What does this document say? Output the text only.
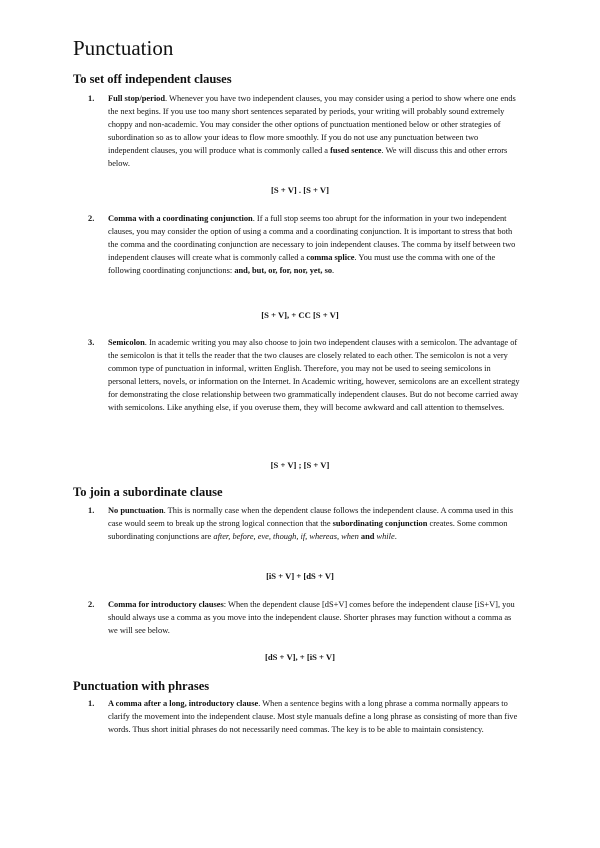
Punctuation
To set off independent clauses
1. Full stop/period. Whenever you have two independent clauses, you may consider using a period to show where one ends the next begins. If you use too many short sentences separated by periods, your writing will probably sound extremely choppy and non-academic. You may consider the other options of punctuation mentioned below or other strategies of subordination so as to allow your ideas to flow more smoothly. If you do not use any punctuation between two independent clauses, you will produce what is commonly called a fused sentence. We will discuss this and other errors below.
[S + V] . [S + V]
2. Comma with a coordinating conjunction. If a full stop seems too abrupt for the information in your two independent clauses, you may consider the option of using a comma and a coordinating conjunction. It is important to stress that both the comma and the coordinating conjunction are necessary to join independent clauses. The comma by itself between two independent clauses will create what is commonly called a comma splice. You must use the comma with one of the following coordinating conjunctions: and, but, or, for, nor, yet, so.
[S + V], + CC [S + V]
3. Semicolon. In academic writing you may also choose to join two independent clauses with a semicolon. The advantage of the semicolon is that it tells the reader that the two clauses are closely related to each other. The semicolon is not a very common type of punctuation in informal, written English. Therefore, you may not be used to seeing semicolons in personal letters, novels, or information on the Internet. In Academic writing, however, semicolons are an excellent strategy for demonstrating the close relationship between two grammatically independent clauses. But do not become carried away with semicolons. Like anything else, if you overuse them, they will become awkward and call attention to themselves.
[S + V] ; [S + V]
To join a subordinate clause
1. No punctuation. This is normally case when the dependent clause follows the independent clause. A comma used in this case would seem to break up the strong logical connection that the subordinating conjunction creates. Some common subordinating conjunctions are after, before, eve, though, if, whereas, when and while.
[iS + V] + [dS + V]
2. Comma for introductory clauses: When the dependent clause [dS+V] comes before the independent clause [iS+V], you should always use a comma as you move into the independent clause. Shorter phrases may function without a comma as we will see below.
[dS + V], + [iS + V]
Punctuation with phrases
1. A comma after a long, introductory clause. When a sentence begins with a long phrase a comma normally appears to clarify the movement into the independent clause. Most style manuals define a long phrase as consisting of more than five words. Thus short initial phrases do not necessarily need commas. The key is to be able to maintain consistency.
